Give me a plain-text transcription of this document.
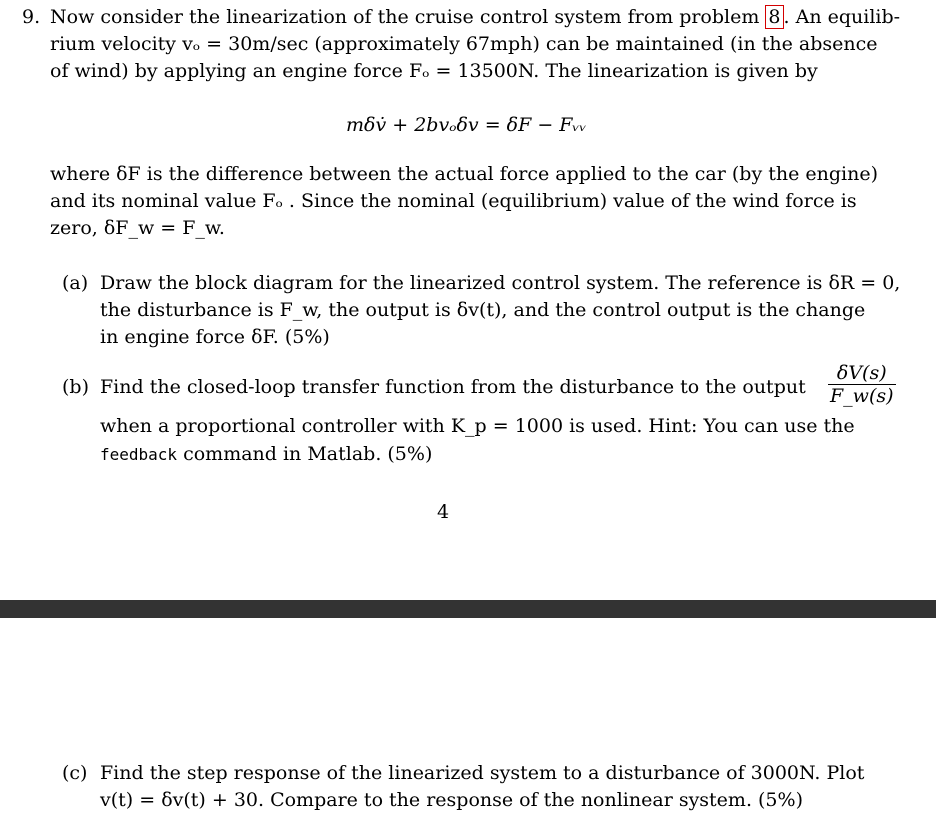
9. Now consider the linearization of the cruise control system from problem 8 . An equilib-
rium velocity vₒ = 30m/sec (approximately 67mph) can be maintained (in the absence
of wind) by applying an engine force Fₒ = 13500N. The linearization is given by
mδv̇ + 2bvₒδv = δF − Fᵥᵥ
where δF is the difference between the actual force applied to the car (by the engine)
and its nominal value Fₒ . Since the nominal (equilibrium) value of the wind force is
zero, δF_w = F_w.
(a) Draw the block diagram for the linearized control system. The reference is δR = 0,
the disturbance is F_w, the output is δv(t), and the control output is the change
in engine force δF. (5%)
(b) Find the closed-loop transfer function from the disturbance to the output $\frac{\delta V(s)}{F\_w(s)}$
when a proportional controller with K_p = 1000 is used. Hint: You can use the
feedback command in Matlab. (5%)
4
(c) Find the step response of the linearized system to a disturbance of 3000N. Plot
v(t) = δv(t) + 30. Compare to the response of the nonlinear system. (5%)
